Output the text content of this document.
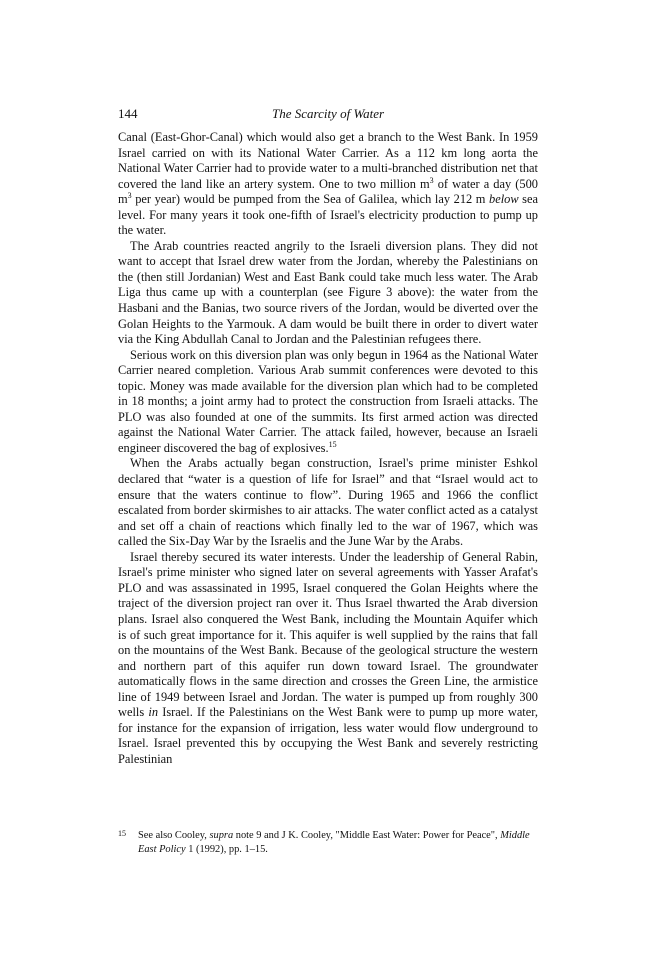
144	The Scarcity of Water

Canal (East-Ghor-Canal) which would also get a branch to the West Bank. In 1959 Israel carried on with its National Water Carrier. As a 112 km long aorta the National Water Carrier had to provide water to a multi-branched distribution net that covered the land like an artery system. One to two million $m^3$ of water a day (500 $m^3$ per year) would be pumped from the Sea of Galilea, which lay 212 m below sea level. For many years it took one-fifth of Israel's electricity production to pump up the water.

The Arab countries reacted angrily to the Israeli diversion plans. They did not want to accept that Israel drew water from the Jordan, whereby the Palestinians on the (then still Jordanian) West and East Bank could take much less water. The Arab Liga thus came up with a counterplan (see Figure 3 above): the water from the Hasbani and the Banias, two source rivers of the Jordan, would be diverted over the Golan Heights to the Yarmouk. A dam would be built there in order to divert water via the King Abdullah Canal to Jordan and the Palestinian refugees there.

Serious work on this diversion plan was only begun in 1964 as the National Water Carrier neared completion. Various Arab summit conferences were devoted to this topic. Money was made available for the diversion plan which had to be completed in 18 months; a joint army had to protect the construction from Israeli attacks. The PLO was also founded at one of the summits. Its first armed action was directed against the National Water Carrier. The attack failed, however, because an Israeli engineer discovered the bag of explosives.$^{15}$

When the Arabs actually began construction, Israel's prime minister Eshkol declared that “water is a question of life for Israel” and that “Israel would act to ensure that the waters continue to flow”. During 1965 and 1966 the conflict escalated from border skirmishes to air attacks. The water conflict acted as a catalyst and set off a chain of reactions which finally led to the war of 1967, which was called the Six-Day War by the Israelis and the June War by the Arabs.

Israel thereby secured its water interests. Under the leadership of General Rabin, Israel's prime minister who signed later on several agreements with Yasser Arafat's PLO and was assassinated in 1995, Israel conquered the Golan Heights where the traject of the diversion project ran over it. Thus Israel thwarted the Arab diversion plans. Israel also conquered the West Bank, including the Mountain Aquifer which is of such great importance for it. This aquifer is well supplied by the rains that fall on the mountains of the West Bank. Because of the geological structure the western and northern part of this aquifer run down toward Israel. The groundwater automatically flows in the same direction and crosses the Green Line, the armistice line of 1949 between Israel and Jordan. The water is pumped up from roughly 300 wells in Israel. If the Palestinians on the West Bank were to pump up more water, for instance for the expansion of irrigation, less water would flow underground to Israel. Israel prevented this by occupying the West Bank and severely restricting Palestinian

15 See also Cooley, supra note 9 and J K. Cooley, "Middle East Water: Power for Peace", Middle East Policy 1 (1992), pp. 1–15.
